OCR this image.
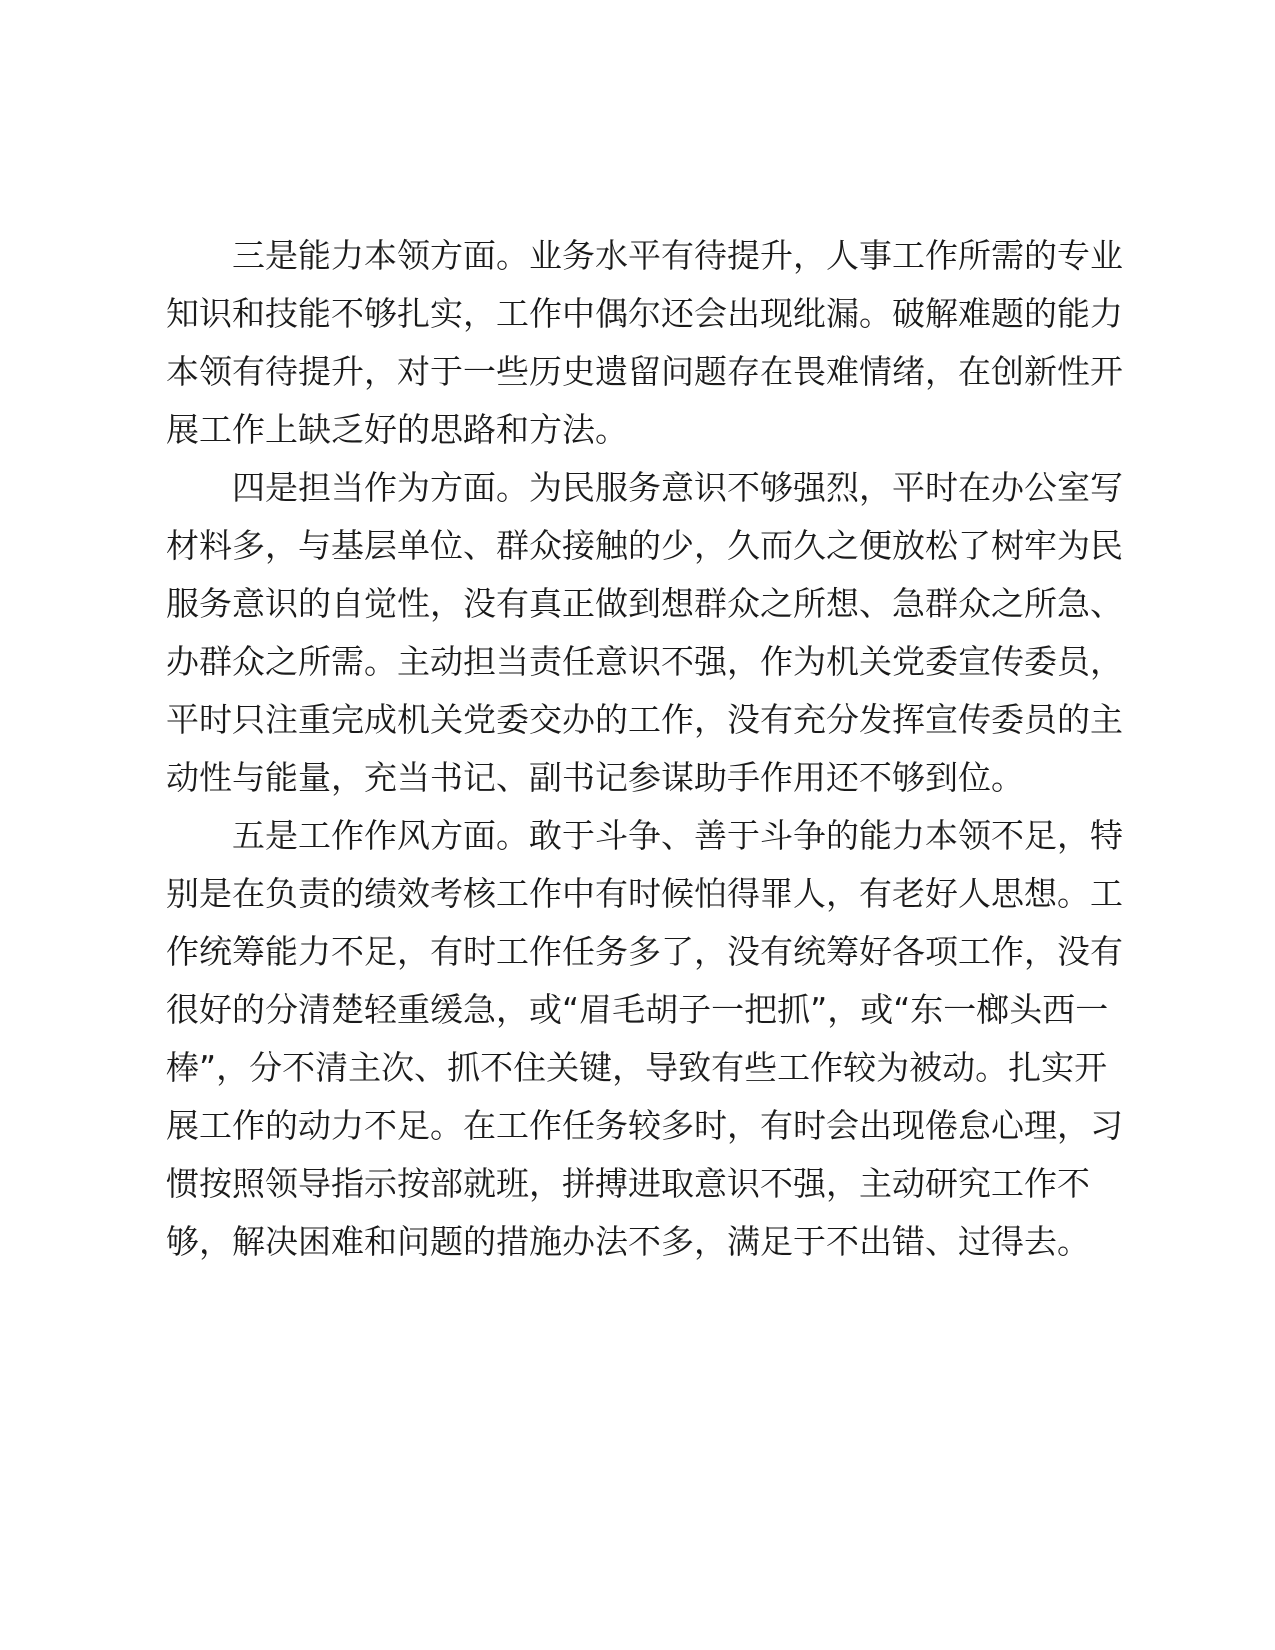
三是能力本领方面。业务水平有待提升，人事工作所需的专业知识和技能不够扎实，工作中偶尔还会出现纰漏。破解难题的能力本领有待提升，对于一些历史遗留问题存在畏难情绪，在创新性开展工作上缺乏好的思路和方法。

四是担当作为方面。为民服务意识不够强烈，平时在办公室写材料多，与基层单位、群众接触的少，久而久之便放松了树牢为民服务意识的自觉性，没有真正做到想群众之所想、急群众之所急、办群众之所需。主动担当责任意识不强，作为机关党委宣传委员，平时只注重完成机关党委交办的工作，没有充分发挥宣传委员的主动性与能量，充当书记、副书记参谋助手作用还不够到位。

五是工作作风方面。敢于斗争、善于斗争的能力本领不足，特别是在负责的绩效考核工作中有时候怕得罪人，有老好人思想。工作统筹能力不足，有时工作任务多了，没有统筹好各项工作，没有很好的分清楚轻重缓急，或“眉毛胡子一把抓”，或“东一榔头西一棒”，分不清主次、抓不住关键，导致有些工作较为被动。扎实开展工作的动力不足。在工作任务较多时，有时会出现倦怠心理，习惯按照领导指示按部就班，拼搏进取意识不强，主动研究工作不够，解决困难和问题的措施办法不多，满足于不出错、过得去。
